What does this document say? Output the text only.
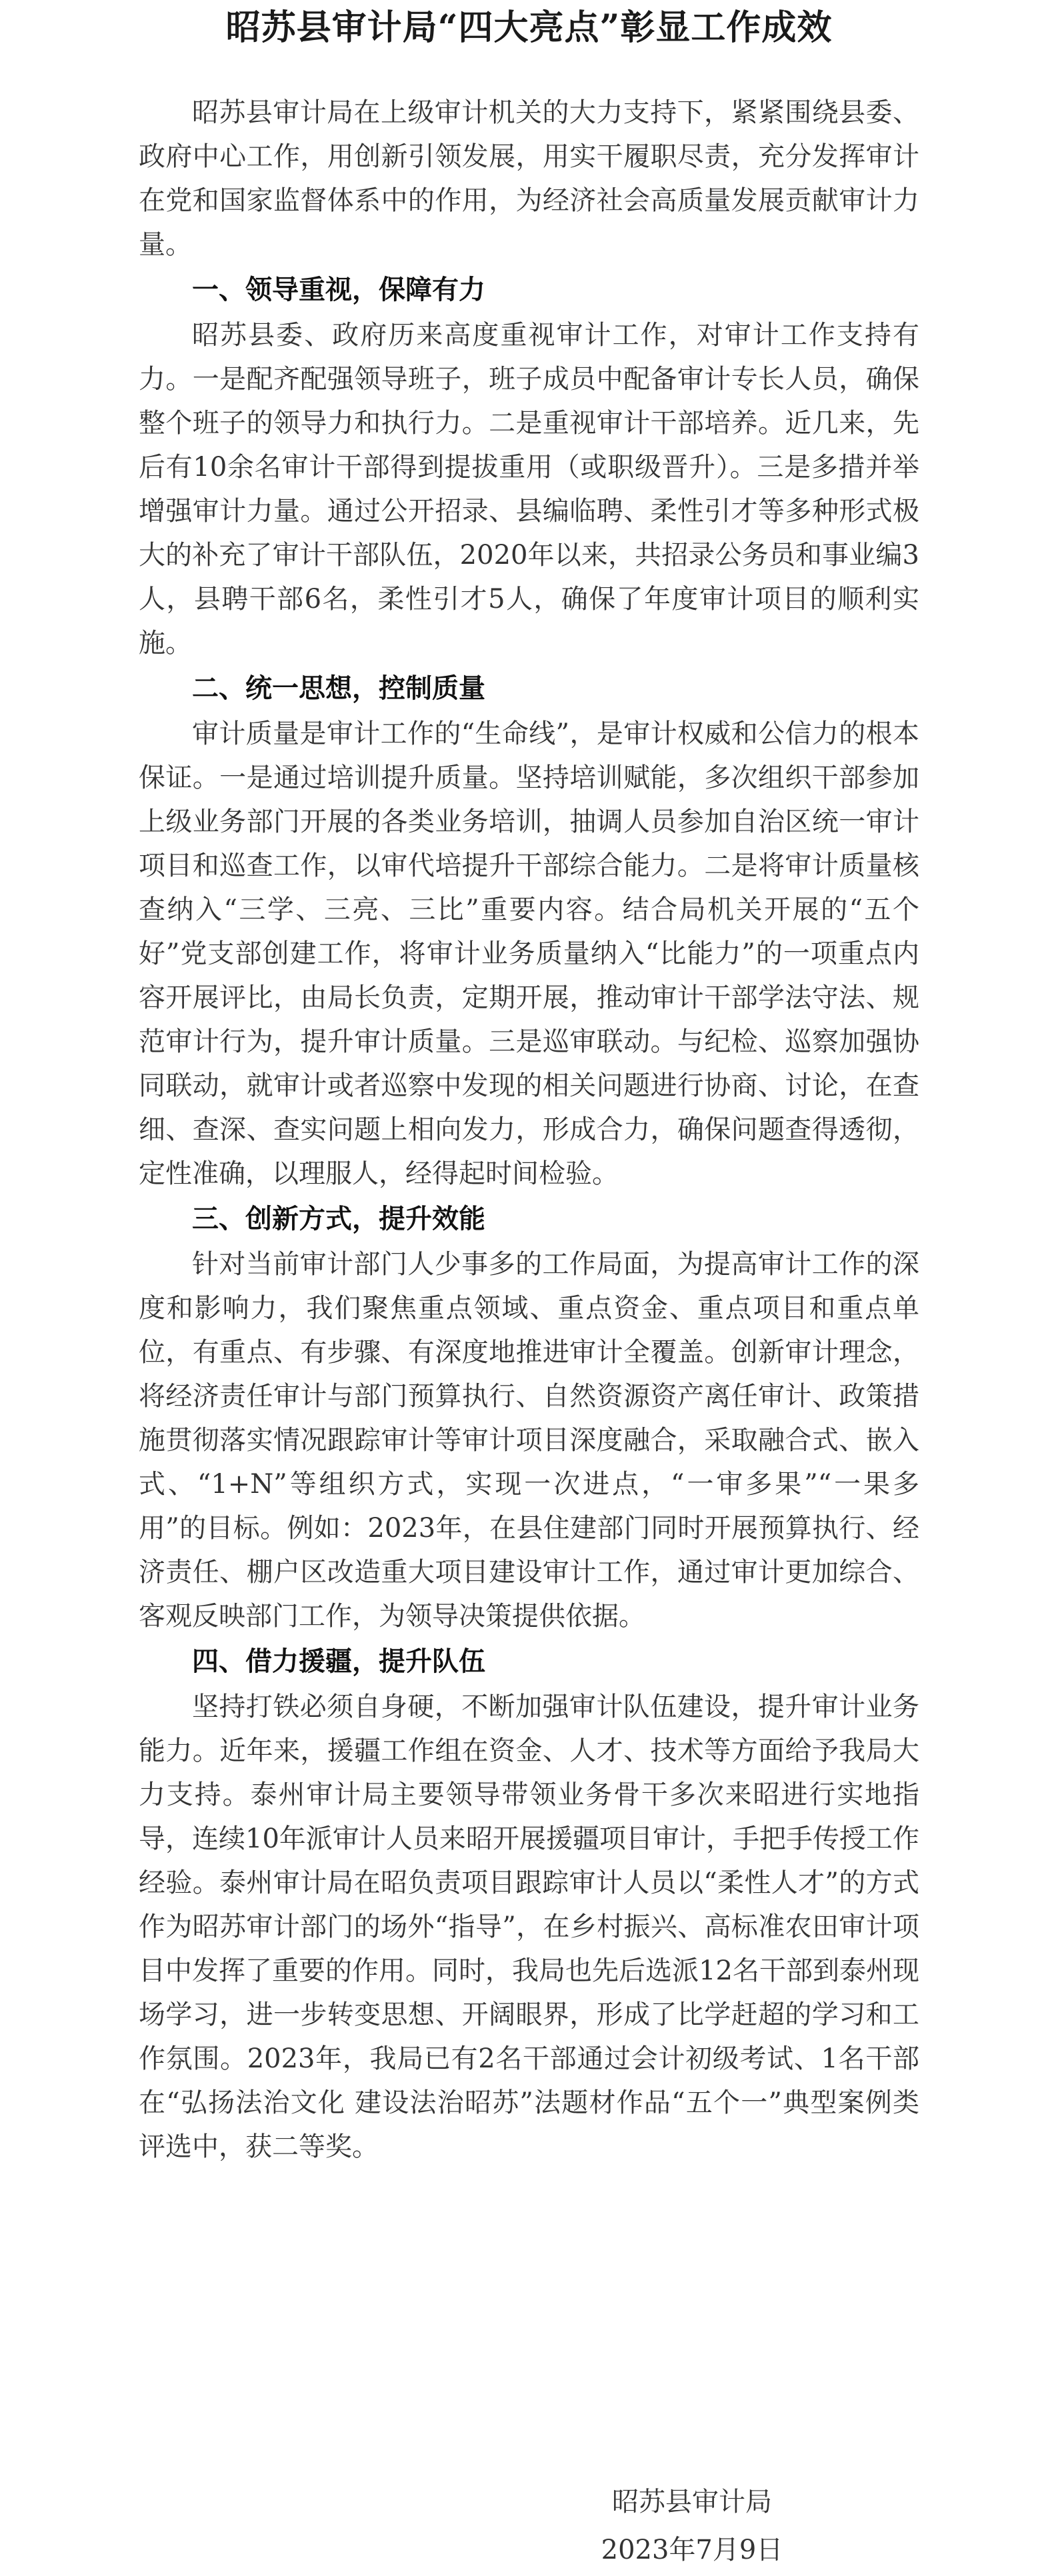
昭苏县审计局“四大亮点”彰显工作成效

昭苏县审计局在上级审计机关的大力支持下，紧紧围绕县委、政府中心工作，用创新引领发展，用实干履职尽责，充分发挥审计在党和国家监督体系中的作用，为经济社会高质量发展贡献审计力量。

一、领导重视，保障有力

昭苏县委、政府历来高度重视审计工作，对审计工作支持有力。一是配齐配强领导班子，班子成员中配备审计专长人员，确保整个班子的领导力和执行力。二是重视审计干部培养。近几来，先后有10余名审计干部得到提拔重用（或职级晋升）。三是多措并举增强审计力量。通过公开招录、县编临聘、柔性引才等多种形式极大的补充了审计干部队伍，2020年以来，共招录公务员和事业编3人，县聘干部6名，柔性引才5人，确保了年度审计项目的顺利实施。

二、统一思想，控制质量

审计质量是审计工作的“生命线”，是审计权威和公信力的根本保证。一是通过培训提升质量。坚持培训赋能，多次组织干部参加上级业务部门开展的各类业务培训，抽调人员参加自治区统一审计项目和巡查工作，以审代培提升干部综合能力。二是将审计质量核查纳入“三学、三亮、三比”重要内容。结合局机关开展的“五个好”党支部创建工作，将审计业务质量纳入“比能力”的一项重点内容开展评比，由局长负责，定期开展，推动审计干部学法守法、规范审计行为，提升审计质量。三是巡审联动。与纪检、巡察加强协同联动，就审计或者巡察中发现的相关问题进行协商、讨论，在查细、查深、查实问题上相向发力，形成合力，确保问题查得透彻，定性准确，以理服人，经得起时间检验。

三、创新方式，提升效能

针对当前审计部门人少事多的工作局面，为提高审计工作的深度和影响力，我们聚焦重点领域、重点资金、重点项目和重点单位，有重点、有步骤、有深度地推进审计全覆盖。创新审计理念，将经济责任审计与部门预算执行、自然资源资产离任审计、政策措施贯彻落实情况跟踪审计等审计项目深度融合，采取融合式、嵌入式、“1+N”等组织方式，实现一次进点，“一审多果”“一果多用”的目标。例如：2023年，在县住建部门同时开展预算执行、经济责任、棚户区改造重大项目建设审计工作，通过审计更加综合、客观反映部门工作，为领导决策提供依据。

四、借力援疆，提升队伍

坚持打铁必须自身硬，不断加强审计队伍建设，提升审计业务能力。近年来，援疆工作组在资金、人才、技术等方面给予我局大力支持。泰州审计局主要领导带领业务骨干多次来昭进行实地指导，连续10年派审计人员来昭开展援疆项目审计，手把手传授工作经验。泰州审计局在昭负责项目跟踪审计人员以“柔性人才”的方式作为昭苏审计部门的场外“指导”，在乡村振兴、高标准农田审计项目中发挥了重要的作用。同时，我局也先后选派12名干部到泰州现场学习，进一步转变思想、开阔眼界，形成了比学赶超的学习和工作氛围。2023年，我局已有2名干部通过会计初级考试、1名干部在“弘扬法治文化 建设法治昭苏”法题材作品“五个一”典型案例类评选中，获二等奖。

昭苏县审计局
2023年7月9日
